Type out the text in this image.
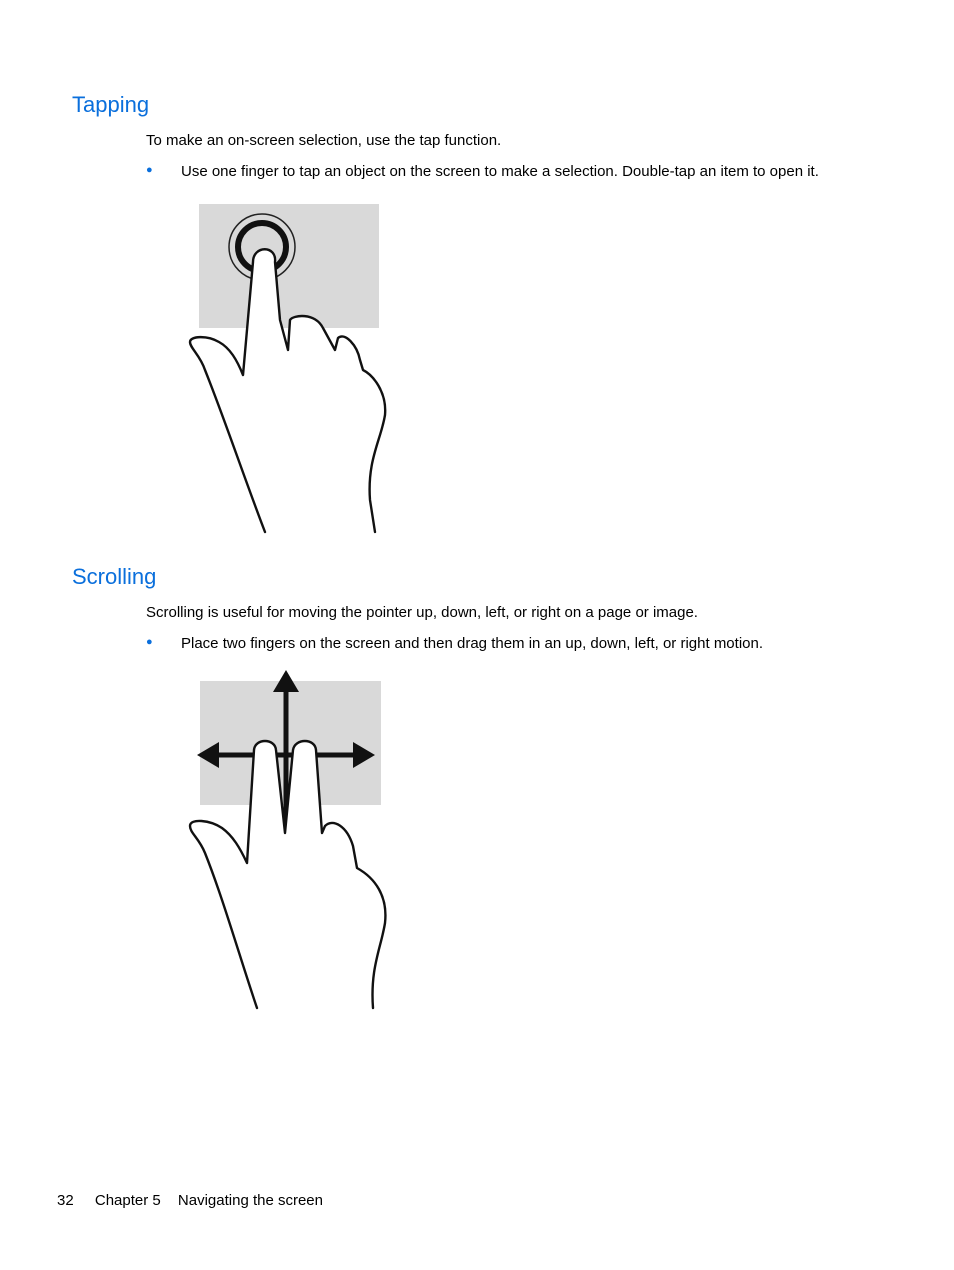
Tapping

To make an on-screen selection, use the tap function.

● Use one finger to tap an object on the screen to make a selection. Double-tap an item to open it.
Scrolling

Scrolling is useful for moving the pointer up, down, left, or right on a page or image.

● Place two fingers on the screen and then drag them in an up, down, left, or right motion.
32 Chapter 5 Navigating the screen
